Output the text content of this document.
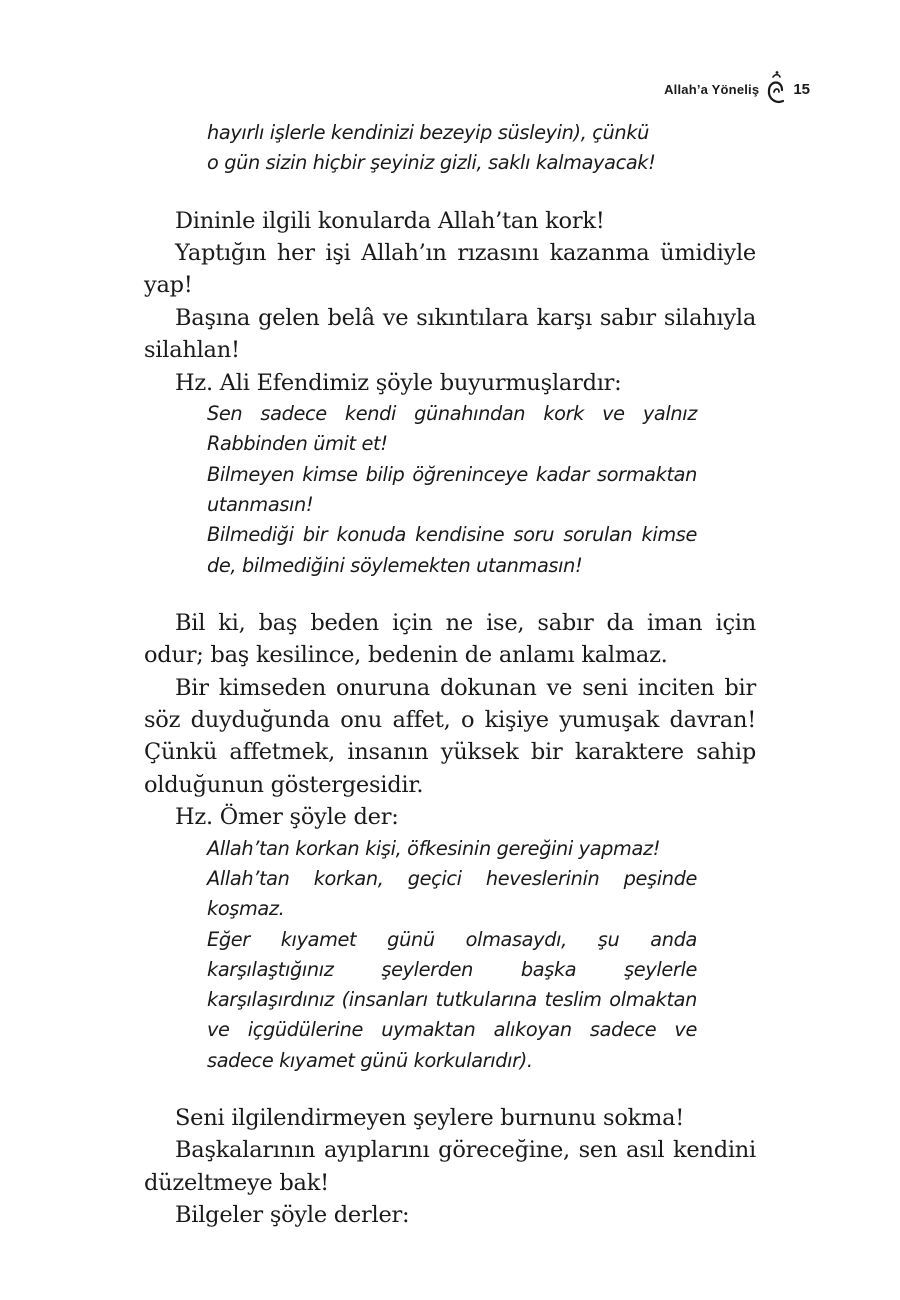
Allah’a Yöneliş 15

hayırlı işlerle kendinizi bezeyip süsleyin), çünkü

o gün sizin hiçbir şeyiniz gizli, saklı kalmayacak!

Dininle ilgili konularda Allah’tan kork!

Yaptığın her işi Allah’ın rızasını kazanma ümidiyle yap!

Başına gelen belâ ve sıkıntılara karşı sabır silahıyla silahlan!

Hz. Ali Efendimiz şöyle buyurmuşlardır:

Sen sadece kendi günahından kork ve yalnız Rabbinden ümit et!

Bilmeyen kimse bilip öğreninceye kadar sormaktan utanmasın!

Bilmediği bir konuda kendisine soru sorulan kimse de, bilmediğini söylemekten utanmasın!

Bil ki, baş beden için ne ise, sabır da iman için odur; baş kesilince, bedenin de anlamı kalmaz.

Bir kimseden onuruna dokunan ve seni inciten bir söz duyduğunda onu affet, o kişiye yumuşak davran! Çünkü affetmek, insanın yüksek bir karaktere sahip olduğunun göstergesidir.

Hz. Ömer şöyle der:

Allah’tan korkan kişi, öfkesinin gereğini yapmaz!

Allah’tan korkan, geçici heveslerinin peşinde koşmaz.

Eğer kıyamet günü olmasaydı, şu anda karşılaştığınız şeylerden başka şeylerle karşılaşırdınız (insanları tutkularına teslim olmaktan ve içgüdülerine uymaktan alıkoyan sadece ve sadece kıyamet günü korkularıdır).

Seni ilgilendirmeyen şeylere burnunu sokma!

Başkalarının ayıplarını göreceğine, sen asıl kendini düzeltmeye bak!

Bilgeler şöyle derler:
